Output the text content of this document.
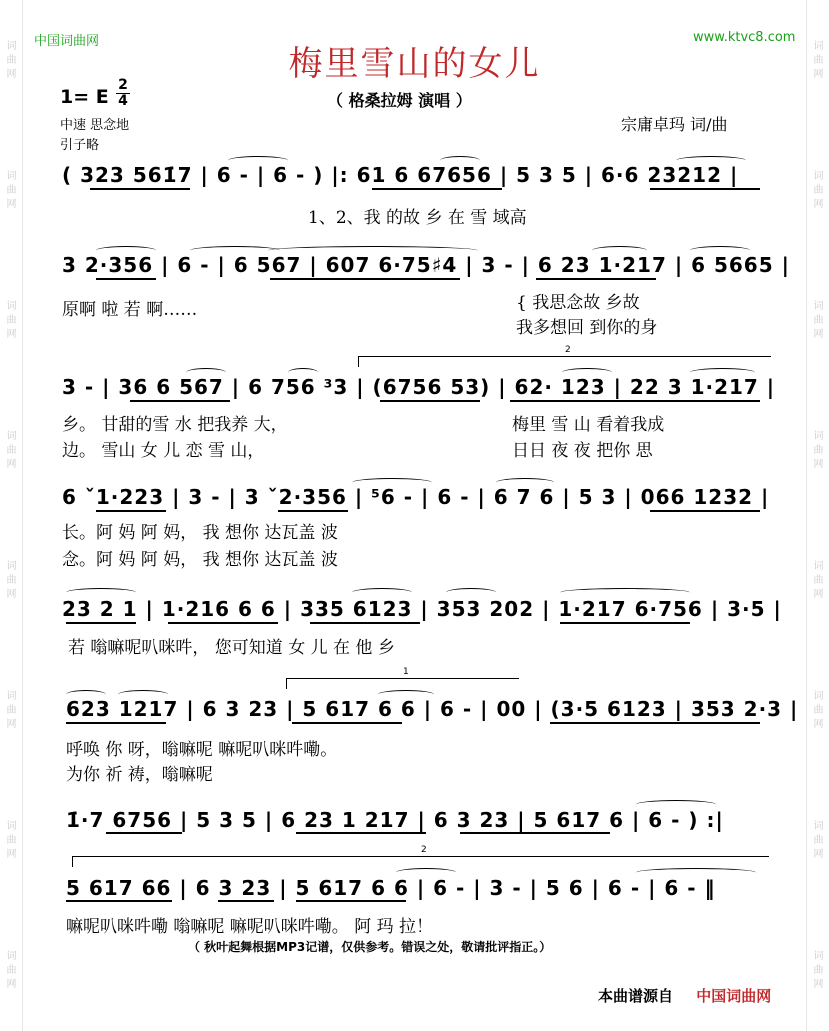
词曲网
词曲网
词曲网
词曲网
词曲网
词曲网
词曲网
词曲网
词曲网
词曲网
词曲网
词曲网
词曲网
词曲网
词曲网
词曲网
中国词曲网	www.ktvc8.com
梅里雪山的女儿
1= E
2
4	（ 格桑拉姆 演唱 ）
中速 思念地
引子略
宗庸卓玛 词/曲
( 323 561̇7 | 6 - | 6 - ) |: 61 6 67656 | 5 3 5 | 6·6 23212 |
1、2、我 的故 乡 在 雪 域高
3 2·356 | 6 - | 6 567 | 607 6·75♯4 | 3 - | 6 23 1·217 | 6 5665 |
原啊 啦 若 啊……	{ 我思念故 乡故
我多想回 到你的身
2
3 - | 36 6 567 | 6 756 ³3 | (6756 53) | 62· 123 | 22 3 1·217 |
乡。 甘甜的雪 水 把我养 大，
边。 雪山 女 儿 恋 雪 山，
梅里 雪 山 看着我成
日日 夜 夜 把你 思
6 ˇ1·223 | 3 - | 3 ˇ2·356 | ⁵6 - | 6 - | 6 7 6 | 5 3 | 066 1232 |
长。阿 妈 阿 妈， 我 想你 达瓦盖 波
念。阿 妈 阿 妈， 我 想你 达瓦盖 波
23 2 1 | 1·216 6 6 | 335 6123 | 353 202 | 1·217 6·756 | 3·5 |
若 嗡嘛呢叭咪吽， 您可知道 女 儿 在 他 乡
1
623 1217 | 6 3 23 | 5 617 6 6 | 6 - | 00 | (3·5 6123 | 353 2·3 |
呼唤 你 呀，嗡嘛呢 嘛呢叭咪吽嘞。
为你 祈 祷，嗡嘛呢
1̇·7 6756 | 5 3 5 | 6 23 1 217 | 6 3 23 | 5 617 6 | 6 - ) :|
2
5 617 66 | 6 3 23 | 5 617 6 6 | 6 - | 3 - | 5 6 | 6 - | 6 - ‖
嘛呢叭咪吽嘞 嗡嘛呢 嘛呢叭咪吽嘞。 阿 玛 拉！
（ 秋叶起舞根据MP3记谱，仅供参考。错误之处，敬请批评指正。）
本曲谱源自 中国词曲网
